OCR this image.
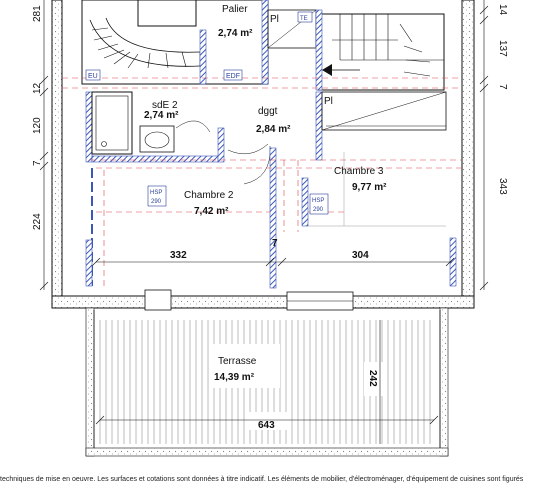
Palier
2,74 m²
sdE 2
2,74 m²	dggt
2,84 m²
Chambre 2
7,42 m²
Chambre 3
9,77 m²
Terrasse
14,39 m²
EU	EDF
Pl	TE
Pl
HSP
290	HSP
290
281
12
120
7
224
14
137
7
343
332
7
304
242
643
techniques de mise en oeuvre. Les surfaces et cotations sont données à titre indicatif. Les éléments de mobilier, d'électroménager, d'équipement de cuisines sont figurés
